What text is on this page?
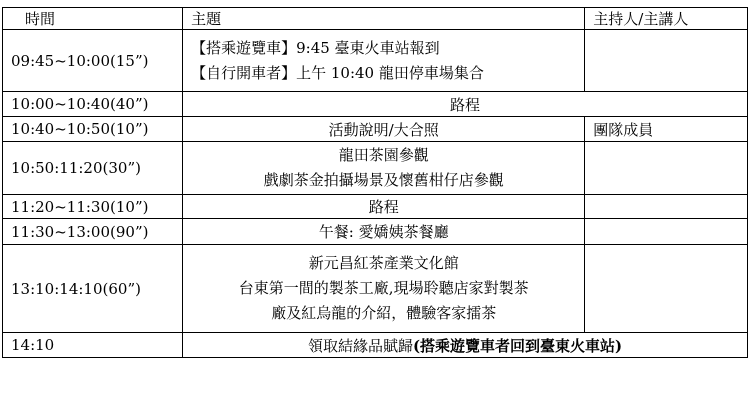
時間	主題	主持人/主講人
09:45~10:00(15”)	【搭乘遊覽車】9:45 臺東火車站報到
【自行開車者】上午 10:40 龍田停車場集合	

10:00~10:40(40”)	路程	
10:40~10:50(10”)	活動說明/大合照	團隊成員
10:50:11:20(30”)	龍田茶園參觀
戲劇茶金拍攝場景及懷舊柑仔店參觀	

11:20~11:30(10”)	路程	
11:30~13:00(90”)	午餐: 愛嬌姨茶餐廳	
13:10:14:10(60”)	新元昌紅茶產業文化館
台東第一間的製茶工廠,現場聆聽店家對製茶
廠及紅烏龍的介紹，體驗客家擂茶	

14:10	領取結緣品賦歸(搭乘遊覽車者回到臺東火車站)	
